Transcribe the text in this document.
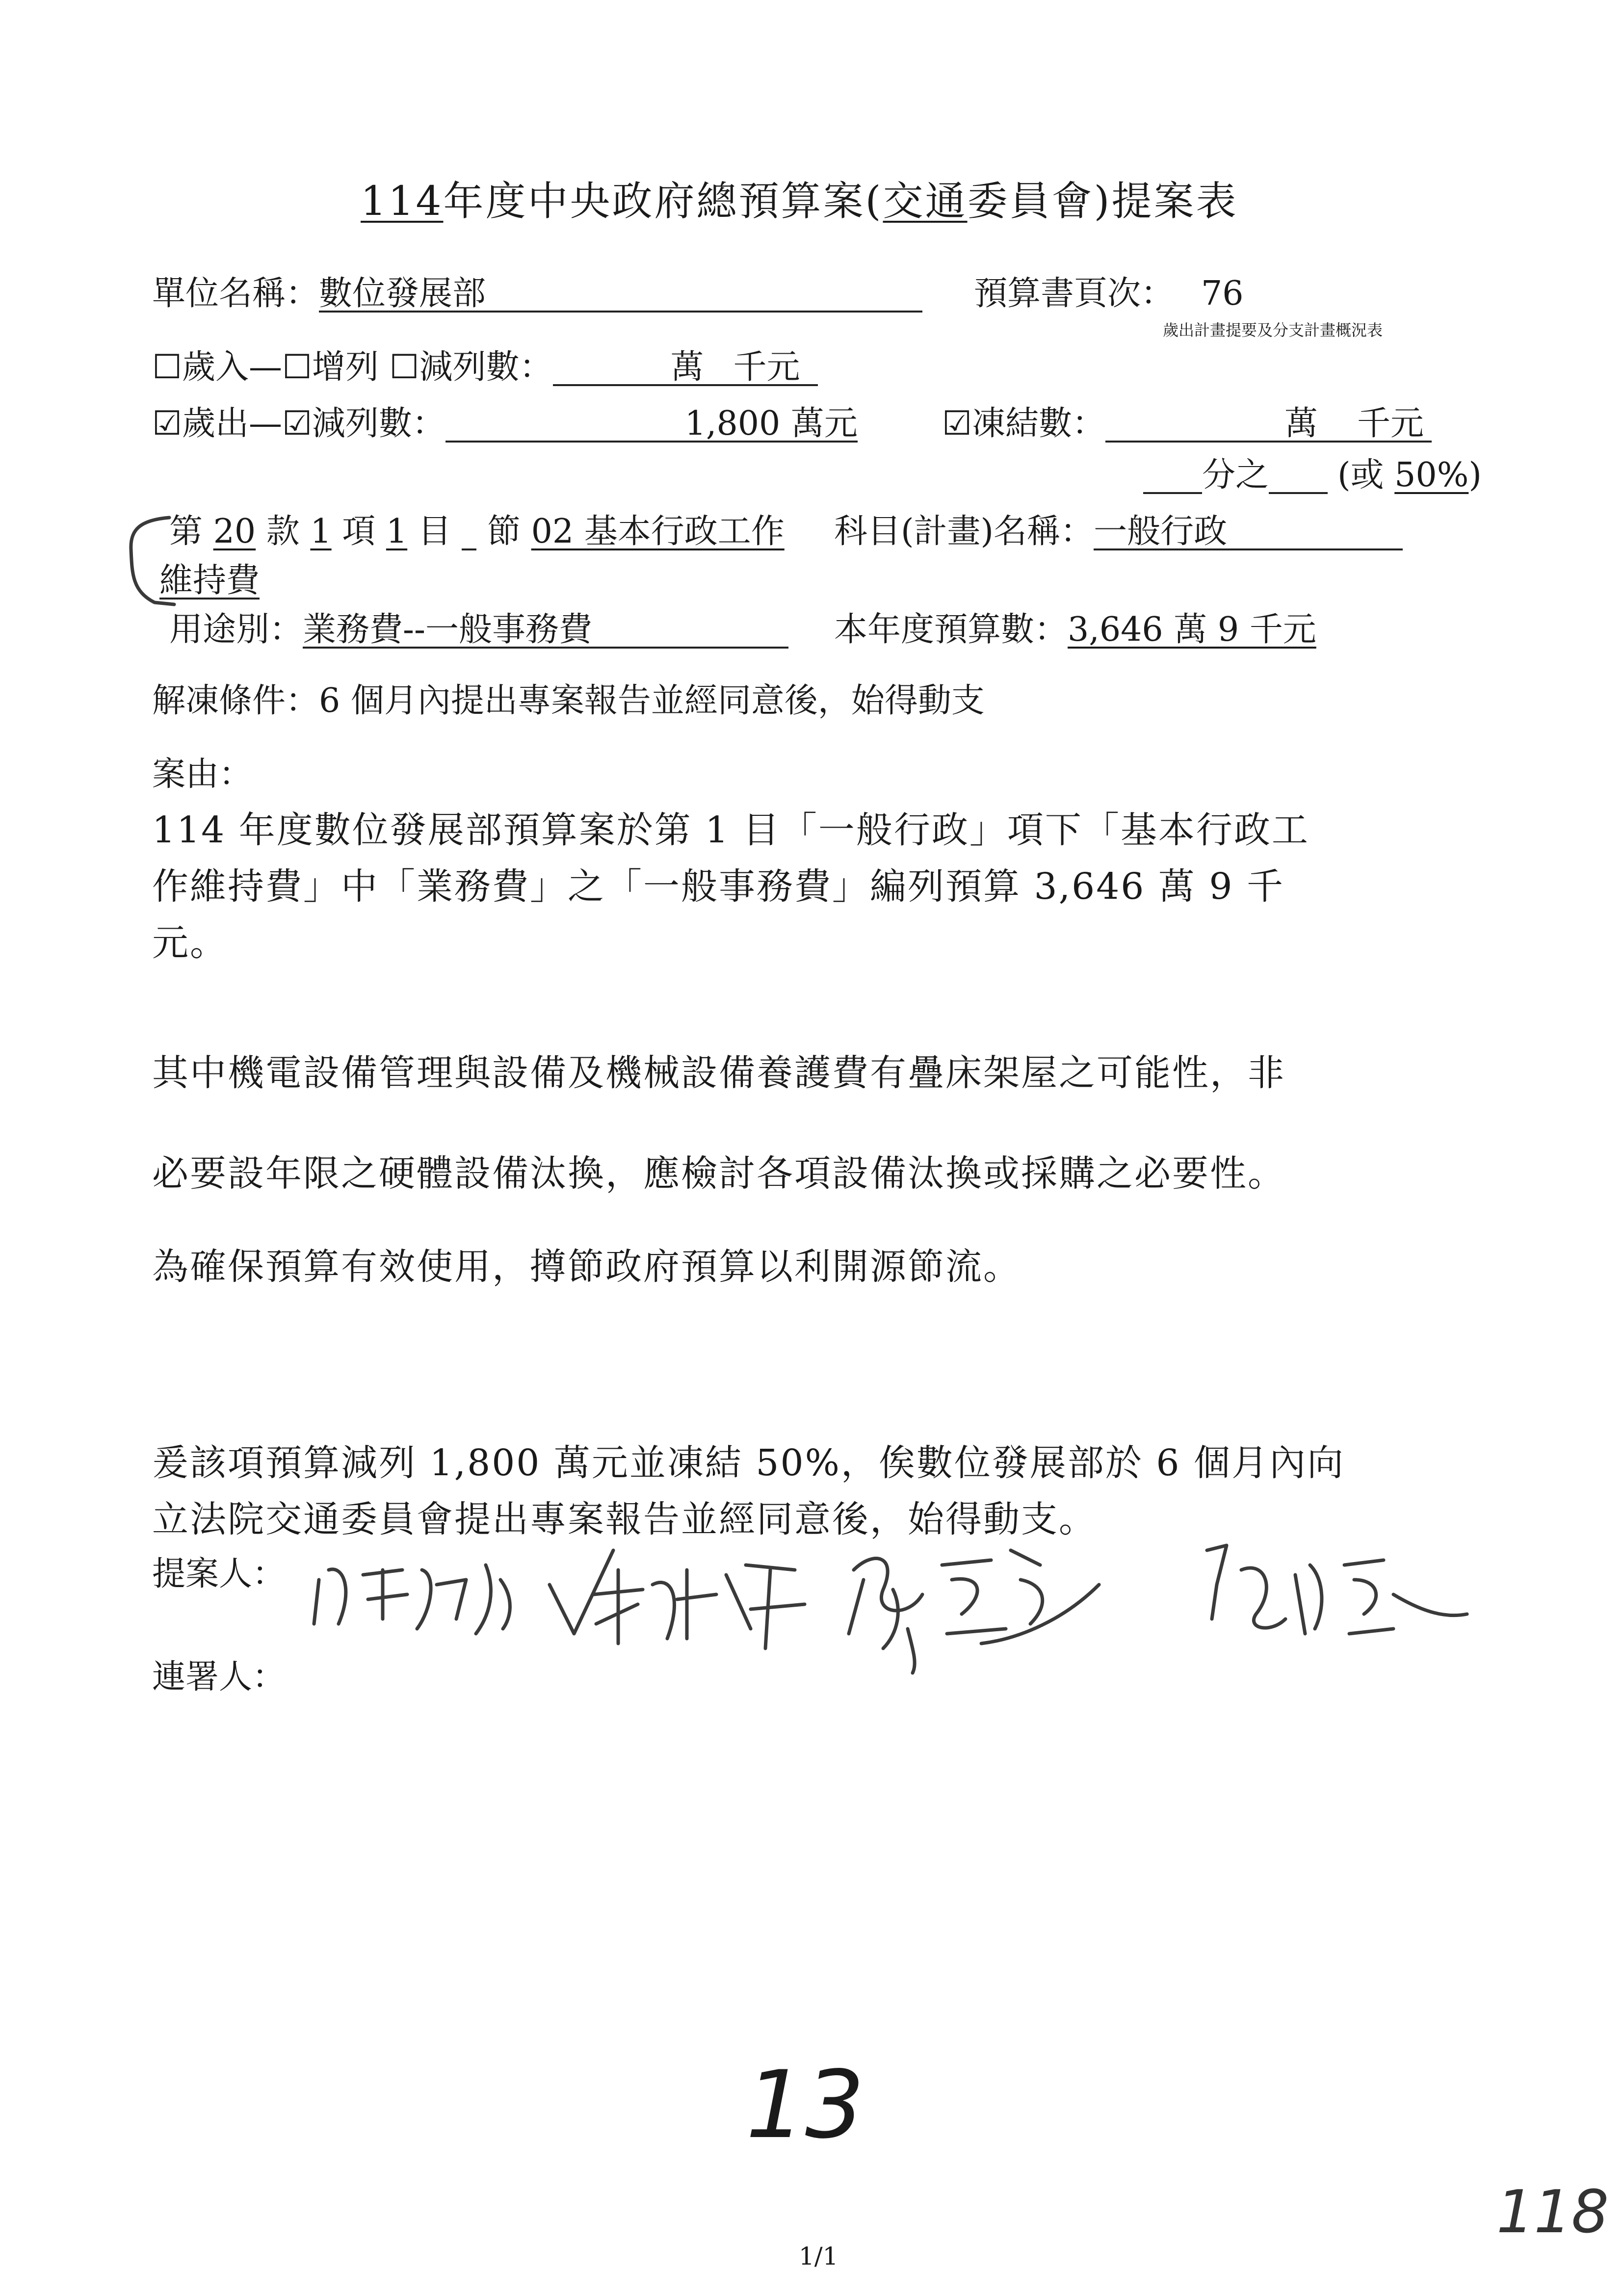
114年度中央政府總預算案(交通委員會)提案表
單位名稱：數位發展部	預算書頁次： 76
歲出計畫提要及分支計畫概況表
☐歲入—☐增列 ☐減列數：	萬 千元
☑歲出—☑減列數：	1,800 萬元	☑凍結數：	萬 千元
分之 (或 50%)
第 20 款 1 項 1 目   節 02 基本行政工作 科目(計畫)名稱：一般行政
維持費
用途別：業務費--一般事務費	本年度預算數：3,646 萬 9 千元
解凍條件：6 個月內提出專案報告並經同意後，始得動支
案由：
114 年度數位發展部預算案於第 1 目「一般行政」項下「基本行政工
作維持費」中「業務費」之「一般事務費」編列預算 3,646 萬 9 千
元。
其中機電設備管理與設備及機械設備養護費有疊床架屋之可能性，非
必要設年限之硬體設備汰換，應檢討各項設備汰換或採購之必要性。
為確保預算有效使用，撙節政府預算以利開源節流。
爰該項預算減列 1,800 萬元並凍結 50%，俟數位發展部於 6 個月內向
立法院交通委員會提出專案報告並經同意後，始得動支。
提案人：
連署人：
13
118
1/1
